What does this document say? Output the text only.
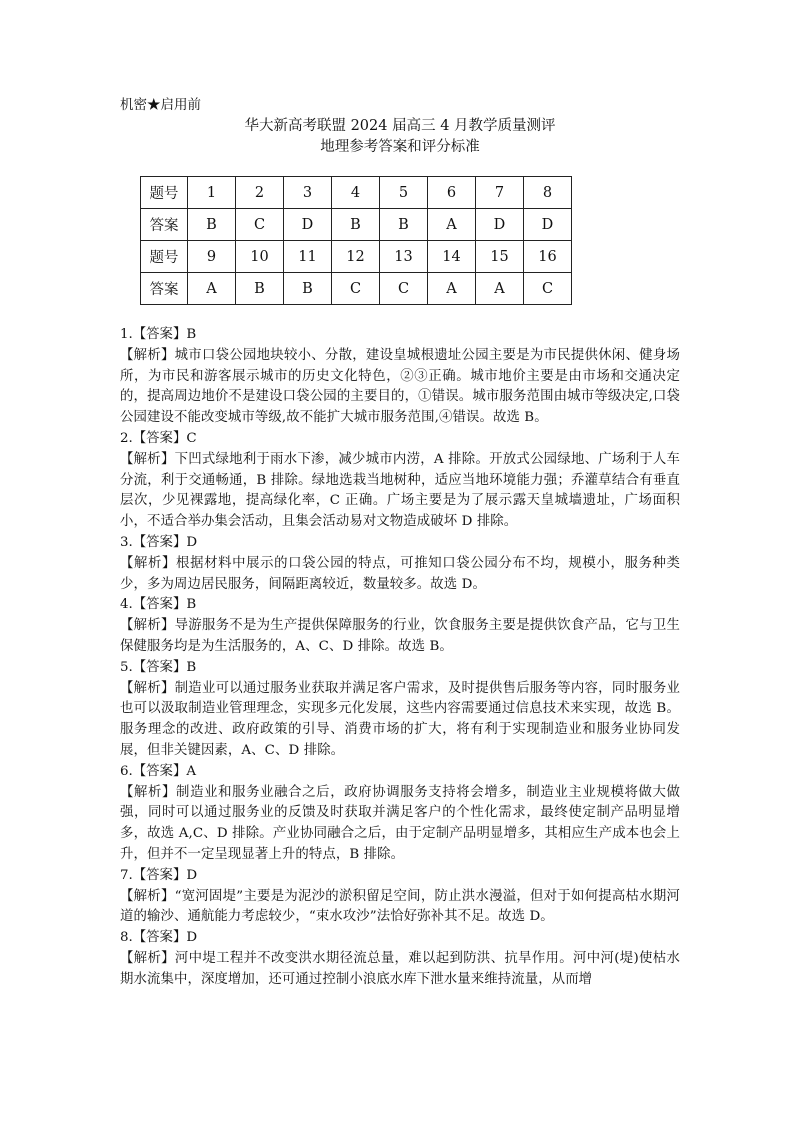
机密★启用前
华大新高考联盟 2024 届高三 4 月教学质量测评
地理参考答案和评分标准
题号	1	2	3	4	5	6	7	8
答案	B	C	D	B	B	A	D	D
题号	9	10	11	12	13	14	15	16
答案	A	B	B	C	C	A	A	C

1.【答案】B

【解析】城市口袋公园地块较小、分散，建设皇城根遗址公园主要是为市民提供休闲、健身场所，为市民和游客展示城市的历史文化特色，②③正确。城市地价主要是由市场和交通决定的，提高周边地价不是建设口袋公园的主要目的，①错误。城市服务范围由城市等级决定,口袋公园建设不能改变城市等级,故不能扩大城市服务范围,④错误。故选 B。

2.【答案】C

【解析】下凹式绿地利于雨水下渗，减少城市内涝，A 排除。开放式公园绿地、广场利于人车分流，利于交通畅通，B 排除。绿地选栽当地树种，适应当地环境能力强；乔灌草结合有垂直层次，少见裸露地，提高绿化率，C 正确。广场主要是为了展示露天皇城墙遗址，广场面积小，不适合举办集会活动，且集会活动易对文物造成破坏 D 排除。

3.【答案】D

【解析】根据材料中展示的口袋公园的特点，可推知口袋公园分布不均，规模小，服务种类少，多为周边居民服务，间隔距离较近，数量较多。故选 D。

4.【答案】B

【解析】导游服务不是为生产提供保障服务的行业，饮食服务主要是提供饮食产品，它与卫生保健服务均是为生活服务的，A、C、D 排除。故选 B。

5.【答案】B

【解析】制造业可以通过服务业获取并满足客户需求，及时提供售后服务等内容，同时服务业也可以汲取制造业管理理念，实现多元化发展，这些内容需要通过信息技术来实现，故选 B。服务理念的改进、政府政策的引导、消费市场的扩大，将有利于实现制造业和服务业协同发展，但非关键因素，A、C、D 排除。

6.【答案】A

【解析】制造业和服务业融合之后，政府协调服务支持将会增多，制造业主业规模将做大做强，同时可以通过服务业的反馈及时获取并满足客户的个性化需求，最终使定制产品明显增多，故选 A,C、D 排除。产业协同融合之后，由于定制产品明显增多，其相应生产成本也会上升，但并不一定呈现显著上升的特点，B 排除。

7.【答案】D

【解析】“宽河固堤”主要是为泥沙的淤积留足空间，防止洪水漫溢，但对于如何提高枯水期河道的输沙、通航能力考虑较少，“束水攻沙”法恰好弥补其不足。故选 D。

8.【答案】D

【解析】河中堤工程并不改变洪水期径流总量，难以起到防洪、抗旱作用。河中河(堤)使枯水期水流集中，深度增加，还可通过控制小浪底水库下泄水量来维持流量，从而增
